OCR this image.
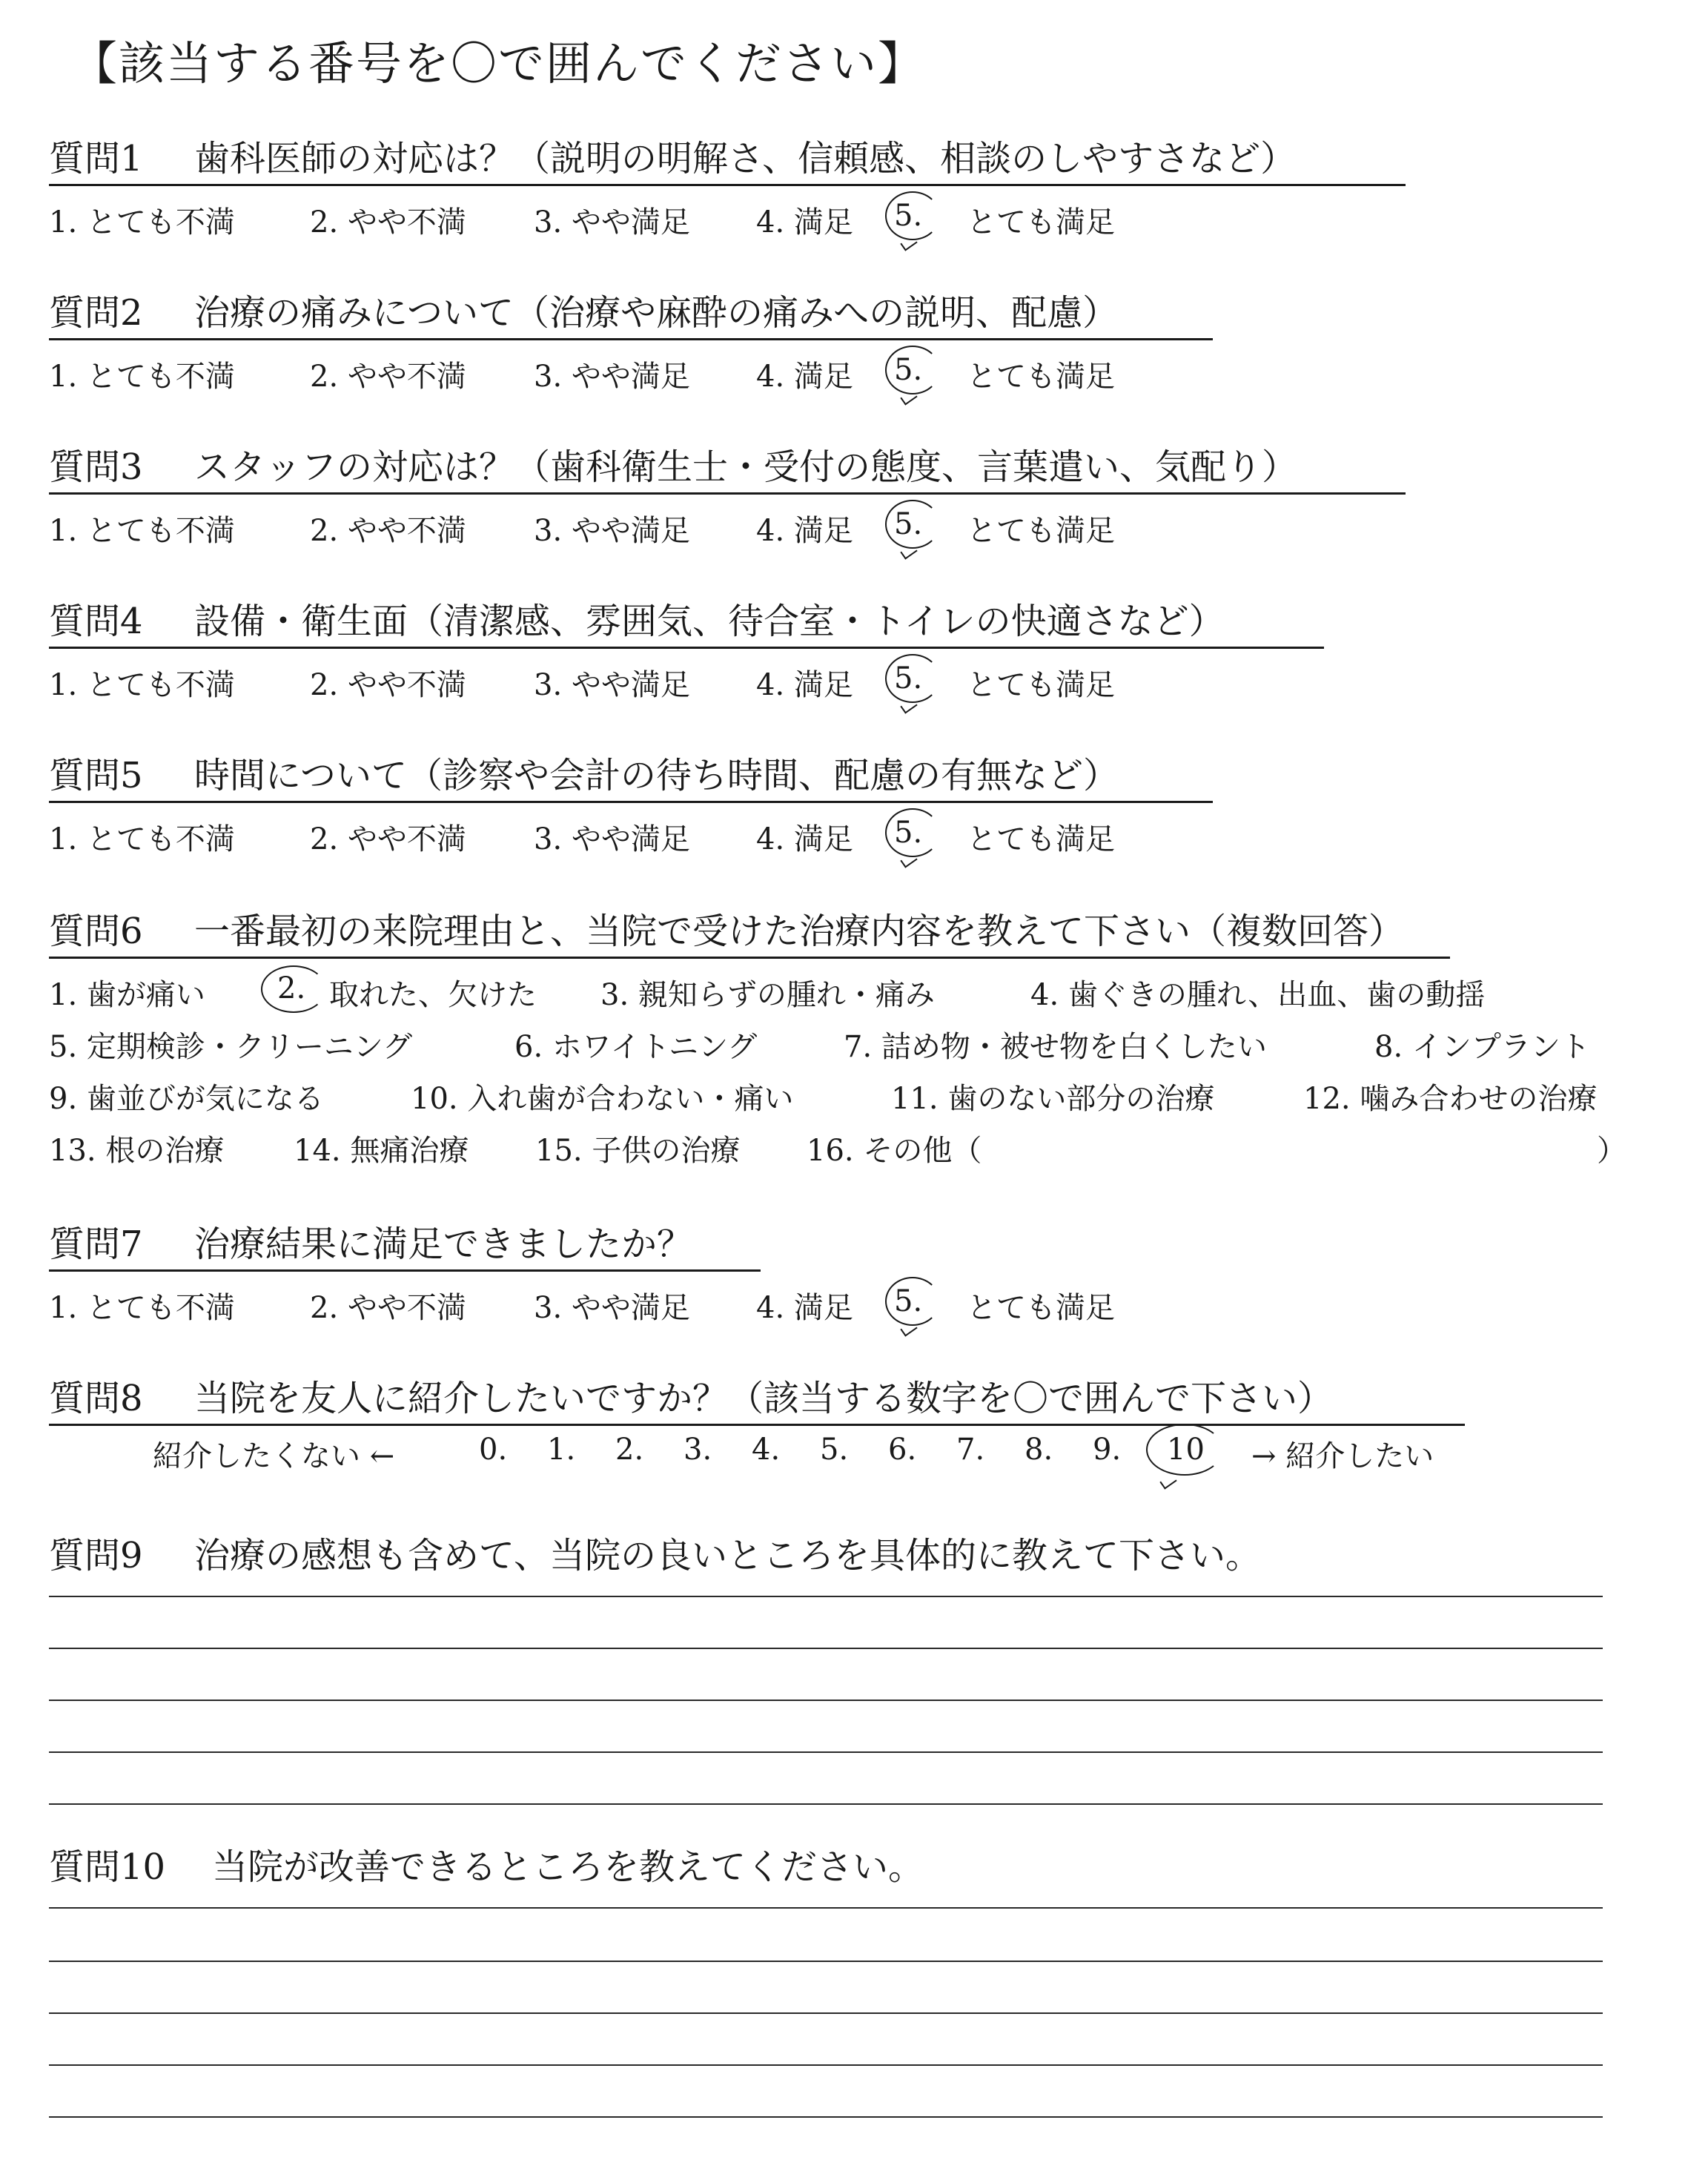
【該当する番号を〇で囲んでください】
質問1 歯科医師の対応は？（説明の明解さ、信頼感、相談のしやすさなど）
質問2 治療の痛みについて（治療や麻酔の痛みへの説明、配慮）
質問3 スタッフの対応は？（歯科衛生士・受付の態度、言葉遣い、気配り）
質問4 設備・衛生面（清潔感、雰囲気、待合室・トイレの快適さなど）
質問5 時間について（診察や会計の待ち時間、配慮の有無など）
質問6 一番最初の来院理由と、当院で受けた治療内容を教えて下さい（複数回答）
質問7 治療結果に満足できましたか？
質問8 当院を友人に紹介したいですか？（該当する数字を〇で囲んで下さい）
質問9 治療の感想も含めて、当院の良いところを具体的に教えて下さい。
質問10 当院が改善できるところを教えてください。
1. とても不満	2. やや不満 3. やや満足 4. 満足 5. とても満足
1. とても不満	2. やや不満 3. やや満足 4. 満足 5. とても満足
1. とても不満	2. やや不満 3. やや満足 4. 満足 5. とても満足
1. とても不満	2. やや不満 3. やや満足 4. 満足 5. とても満足
1. とても不満	2. やや不満 3. やや満足 4. 満足 5. とても満足
1. とても不満	2. やや不満 3. やや満足 4. 満足 5. とても満足
1. 歯が痛い 2. 取れた、欠けた 3. 親知らずの腫れ・痛み	4. 歯ぐきの腫れ、出血、歯の動揺
5. 定期検診・クリーニング	6. ホワイトニング	7. 詰め物・被せ物を白くしたい	8. インプラント
9. 歯並びが気になる	10. 入れ歯が合わない・痛い	11. 歯のない部分の治療	12. 噛み合わせの治療
13. 根の治療 14. 無痛治療 15. 子供の治療 16. その他（	）
紹介したくない ←	0. 1. 2. 3. 4. 5. 6. 7. 8. 9. 10 → 紹介したい
